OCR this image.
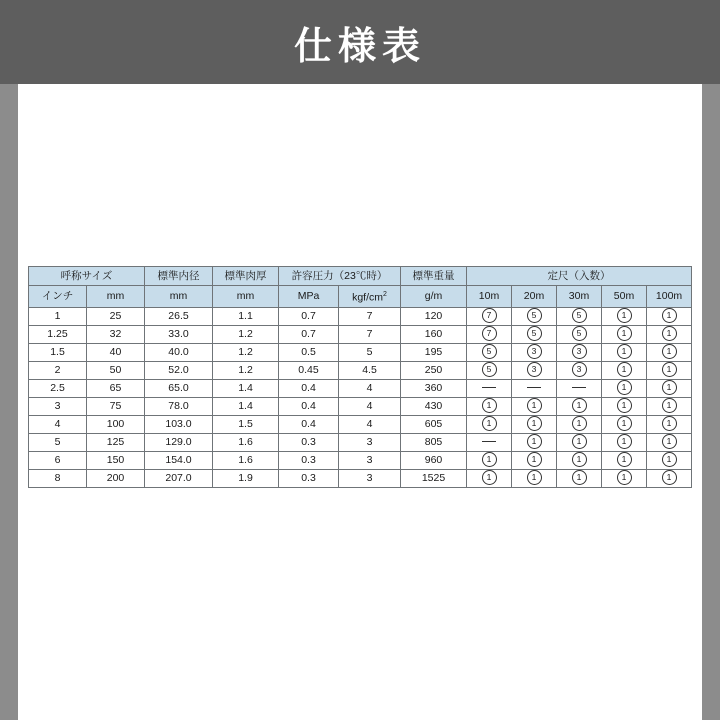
仕様表
呼称サイズ		標準内径	標準肉厚	許容圧力（23℃時）		標準重量	定尺（入数）				
インチ	mm	mm	mm	MPa	kgf/$cm^2$	g/m	10m	20m	30m	50m	100m
1	25	26.5	1.1	0.7	7	120	7	5	5	1	1
1.25	32	33.0	1.2	0.7	7	160	7	5	5	1	1
1.5	40	40.0	1.2	0.5	5	195	5	3	3	1	1
2	50	52.0	1.2	0.45	4.5	250	5	3	3	1	1
2.5	65	65.0	1.4	0.4	4	360				1	1
3	75	78.0	1.4	0.4	4	430	1	1	1	1	1
4	100	103.0	1.5	0.4	4	605	1	1	1	1	1
5	125	129.0	1.6	0.3	3	805		1	1	1	1
6	150	154.0	1.6	0.3	3	960	1	1	1	1	1
8	200	207.0	1.9	0.3	3	1525	1	1	1	1	1
